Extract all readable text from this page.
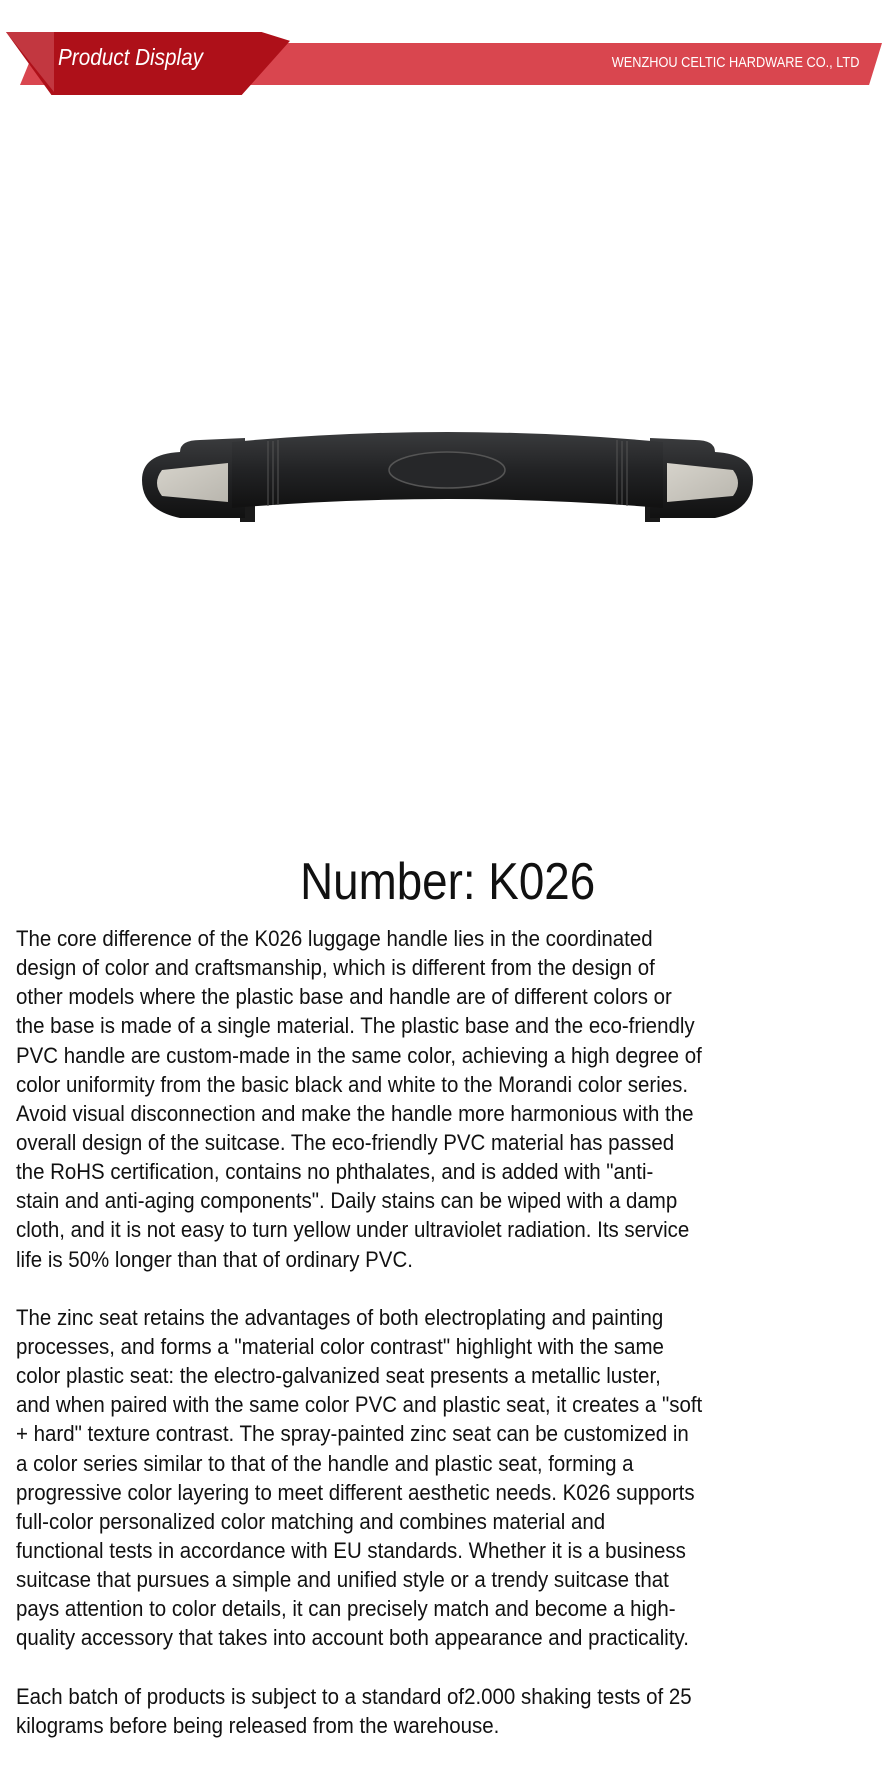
Product Display	WENZHOU CELTIC HARDWARE CO., LTD
Number: K026
The core difference of the K026 luggage handle lies in the coordinated
design of color and craftsmanship, which is different from the design of
other models where the plastic base and handle are of different colors or
the base is made of a single material. The plastic base and the eco-friendly
PVC handle are custom-made in the same color, achieving a high degree of
color uniformity from the basic black and white to the Morandi color series.
Avoid visual disconnection and make the handle more harmonious with the
overall design of the suitcase. The eco-friendly PVC material has passed
the RoHS certification, contains no phthalates, and is added with "anti-
stain and anti-aging components". Daily stains can be wiped with a damp
cloth, and it is not easy to turn yellow under ultraviolet radiation. Its service
life is 50% longer than that of ordinary PVC.
The zinc seat retains the advantages of both electroplating and painting
processes, and forms a "material color contrast" highlight with the same
color plastic seat: the electro-galvanized seat presents a metallic luster,
and when paired with the same color PVC and plastic seat, it creates a "soft
+ hard" texture contrast. The spray-painted zinc seat can be customized in
a color series similar to that of the handle and plastic seat, forming a
progressive color layering to meet different aesthetic needs. K026 supports
full-color personalized color matching and combines material and
functional tests in accordance with EU standards. Whether it is a business
suitcase that pursues a simple and unified style or a trendy suitcase that
pays attention to color details, it can precisely match and become a high-
quality accessory that takes into account both appearance and practicality.
Each batch of products is subject to a standard of2.000 shaking tests of 25
kilograms before being released from the warehouse.
